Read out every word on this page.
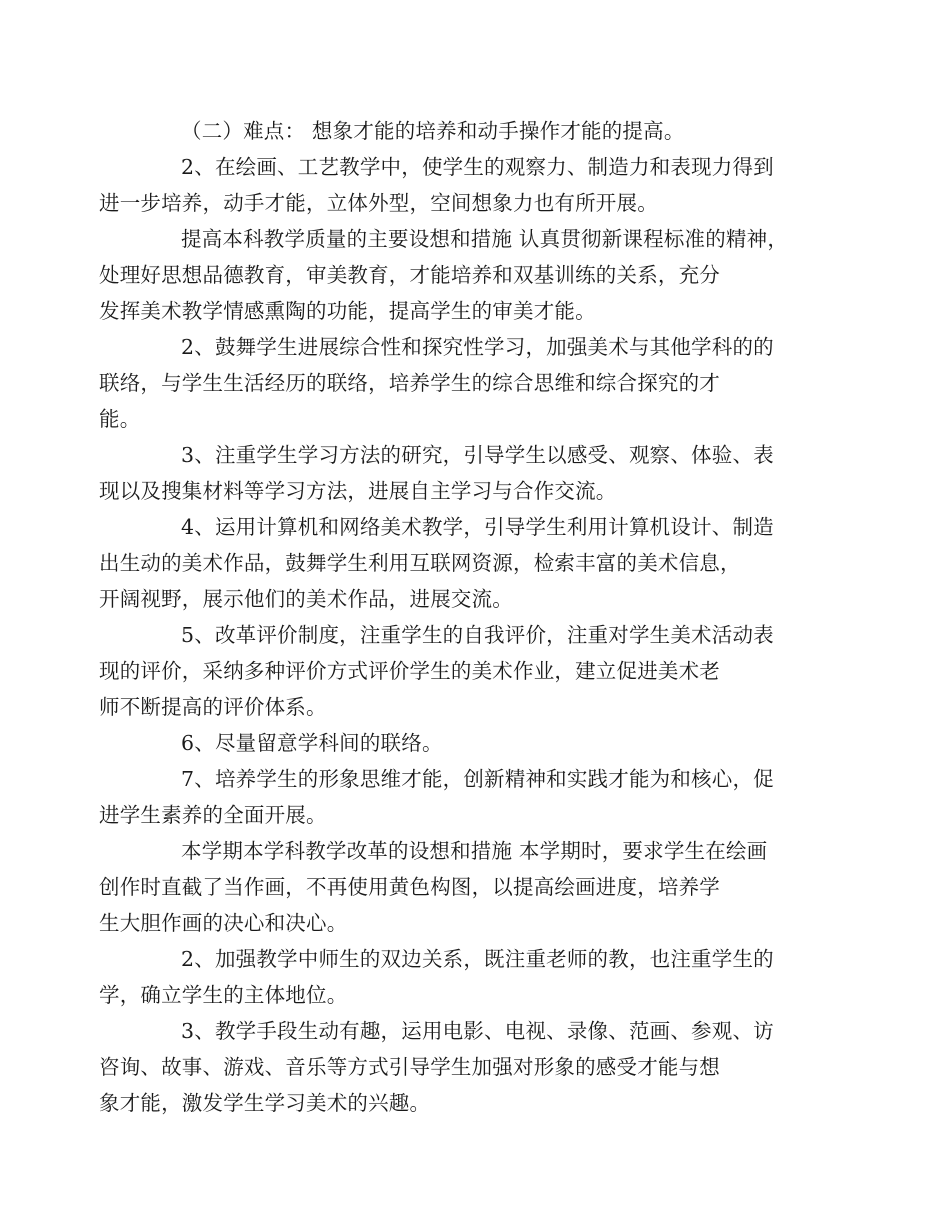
（二）难点： 想象才能的培养和动手操作才能的提高。

2、在绘画、工艺教学中，使学生的观察力、制造力和表现力得到
进一步培养，动手才能，立体外型，空间想象力也有所开展。

提高本科教学质量的主要设想和措施 认真贯彻新课程标准的精神，
处理好思想品德教育，审美教育，才能培养和双基训练的关系，充分
发挥美术教学情感熏陶的功能，提高学生的审美才能。

2、鼓舞学生进展综合性和探究性学习，加强美术与其他学科的的
联络，与学生生活经历的联络，培养学生的综合思维和综合探究的才
能。

3、注重学生学习方法的研究，引导学生以感受、观察、体验、表
现以及搜集材料等学习方法，进展自主学习与合作交流。

4、运用计算机和网络美术教学，引导学生利用计算机设计、制造
出生动的美术作品，鼓舞学生利用互联网资源，检索丰富的美术信息，
开阔视野，展示他们的美术作品，进展交流。

5、改革评价制度，注重学生的自我评价，注重对学生美术活动表
现的评价，采纳多种评价方式评价学生的美术作业，建立促进美术老
师不断提高的评价体系。

6、尽量留意学科间的联络。

7、培养学生的形象思维才能，创新精神和实践才能为和核心，促
进学生素养的全面开展。

本学期本学科教学改革的设想和措施 本学期时，要求学生在绘画
创作时直截了当作画，不再使用黄色构图，以提高绘画进度，培养学
生大胆作画的决心和决心。

2、加强教学中师生的双边关系，既注重老师的教，也注重学生的
学，确立学生的主体地位。

3、教学手段生动有趣，运用电影、电视、录像、范画、参观、访
咨询、故事、游戏、音乐等方式引导学生加强对形象的感受才能与想
象才能，激发学生学习美术的兴趣。
